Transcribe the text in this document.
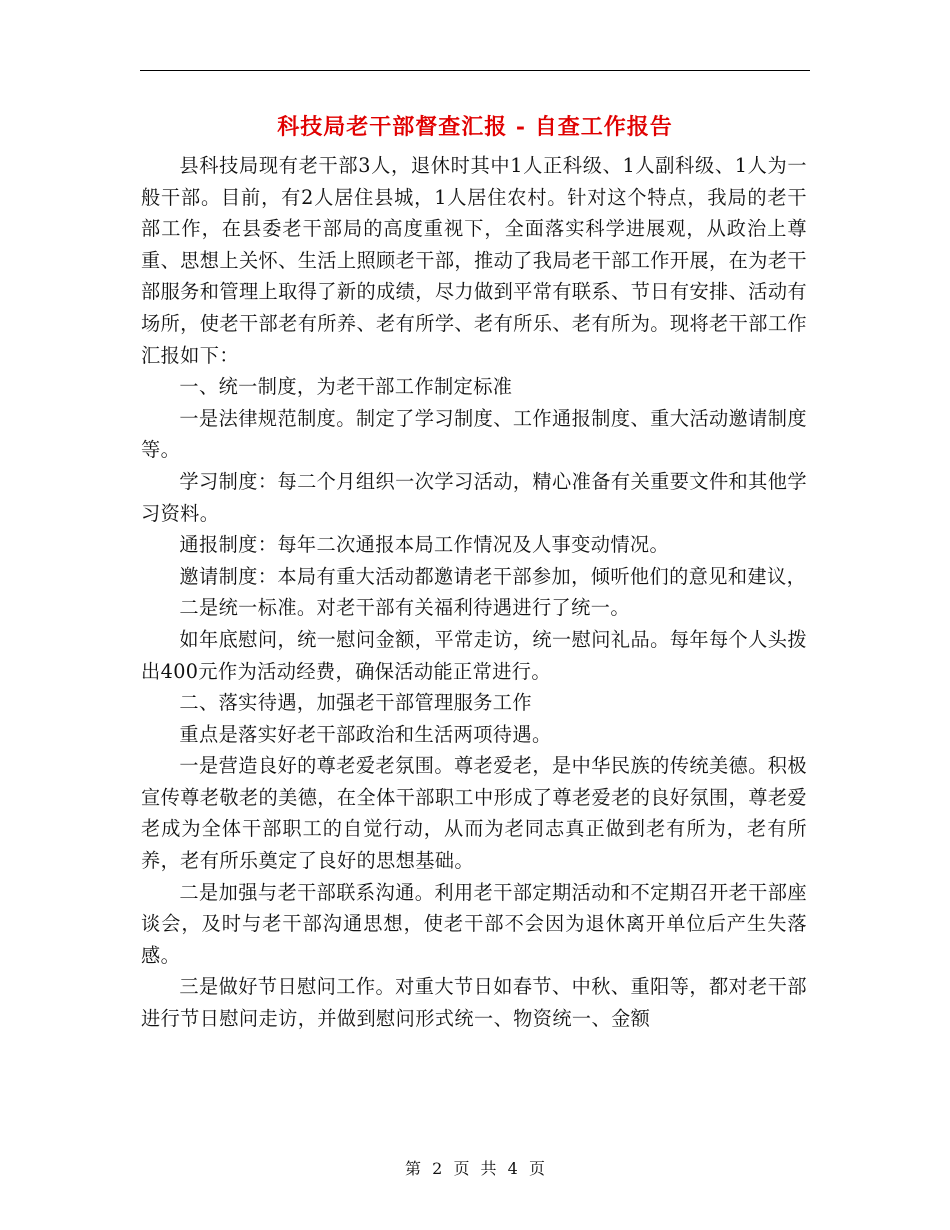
科技局老干部督查汇报 - 自查工作报告

县科技局现有老干部3人，退休时其中1人正科级、1人副科级、1人为一般干部。目前，有2人居住县城，1人居住农村。针对这个特点，我局的老干部工作，在县委老干部局的高度重视下，全面落实科学进展观，从政治上尊重、思想上关怀、生活上照顾老干部，推动了我局老干部工作开展，在为老干部服务和管理上取得了新的成绩，尽力做到平常有联系、节日有安排、活动有场所，使老干部老有所养、老有所学、老有所乐、老有所为。现将老干部工作汇报如下：

一、统一制度，为老干部工作制定标准

一是法律规范制度。制定了学习制度、工作通报制度、重大活动邀请制度等。

学习制度：每二个月组织一次学习活动，精心准备有关重要文件和其他学习资料。

通报制度：每年二次通报本局工作情况及人事变动情况。

邀请制度：本局有重大活动都邀请老干部参加，倾听他们的意见和建议，

二是统一标准。对老干部有关福利待遇进行了统一。

如年底慰问，统一慰问金额，平常走访，统一慰问礼品。每年每个人头拨出400元作为活动经费，确保活动能正常进行。

二、落实待遇，加强老干部管理服务工作

重点是落实好老干部政治和生活两项待遇。

一是营造良好的尊老爱老氛围。尊老爱老，是中华民族的传统美德。积极宣传尊老敬老的美德，在全体干部职工中形成了尊老爱老的良好氛围，尊老爱老成为全体干部职工的自觉行动，从而为老同志真正做到老有所为，老有所养，老有所乐奠定了良好的思想基础。

二是加强与老干部联系沟通。利用老干部定期活动和不定期召开老干部座谈会，及时与老干部沟通思想，使老干部不会因为退休离开单位后产生失落感。

三是做好节日慰问工作。对重大节日如春节、中秋、重阳等，都对老干部进行节日慰问走访，并做到慰问形式统一、物资统一、金额

第 2 页 共 4 页
